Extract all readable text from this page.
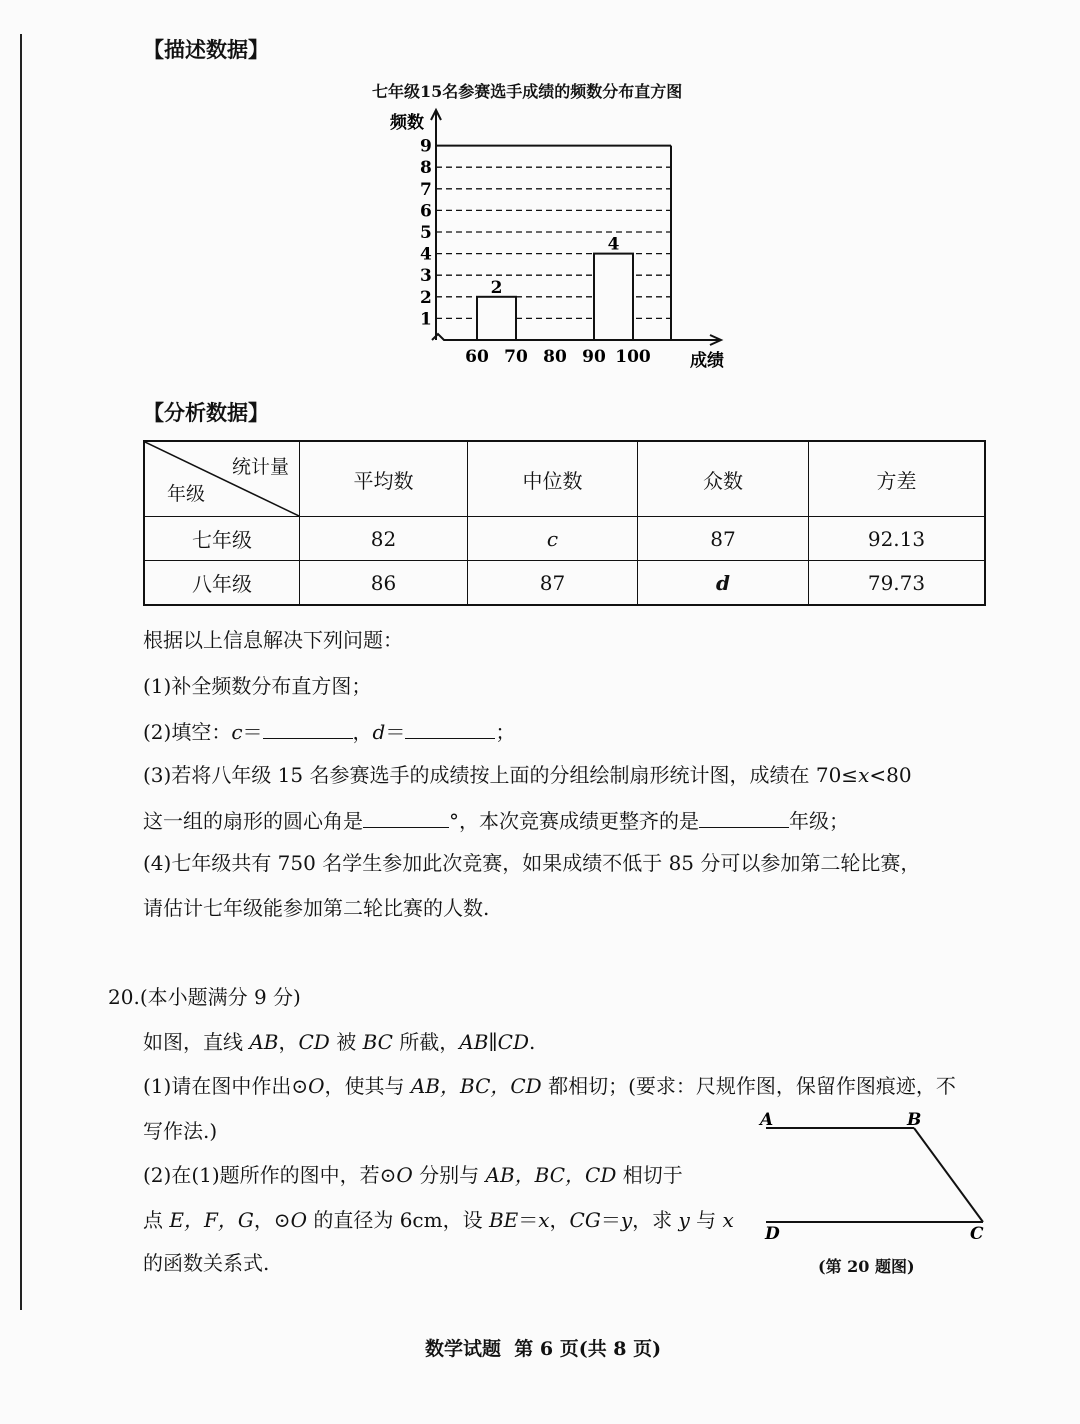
【描述数据】
七年级15名参赛选手成绩的频数分布直方图
1
2
3
4
5
6
7
8
9
60 70 80 90 100
2
4
频数
成绩
【分析数据】
统计量
年级	平均数	中位数	众数	方差
七年级	82	c	87	92.13
八年级	86	87	d	79.73
根据以上信息解决下列问题：
(1)补全频数分布直方图；
(2)填空：c＝	，d＝	；
(3)若将八年级 15 名参赛选手的成绩按上面的分组绘制扇形统计图，成绩在 70≤x<80
这一组的扇形的圆心角是	°，本次竞赛成绩更整齐的是	年级；
(4)七年级共有 750 名学生参加此次竞赛，如果成绩不低于 85 分可以参加第二轮比赛，
请估计七年级能参加第二轮比赛的人数.
20.(本小题满分 9 分)
如图，直线 AB，CD 被 BC 所截，AB∥CD.
(1)请在图中作出⊙O，使其与 AB，BC，CD 都相切；(要求：尺规作图，保留作图痕迹，不
写作法.)
(2)在(1)题所作的图中，若⊙O 分别与 AB，BC，CD 相切于
点 E，F，G，⊙O 的直径为 6cm，设 BE＝x，CG＝y，求 y 与 x
的函数关系式.
A	B
C
D
(第 20 题图)
数学试题 第 6 页(共 8 页)
